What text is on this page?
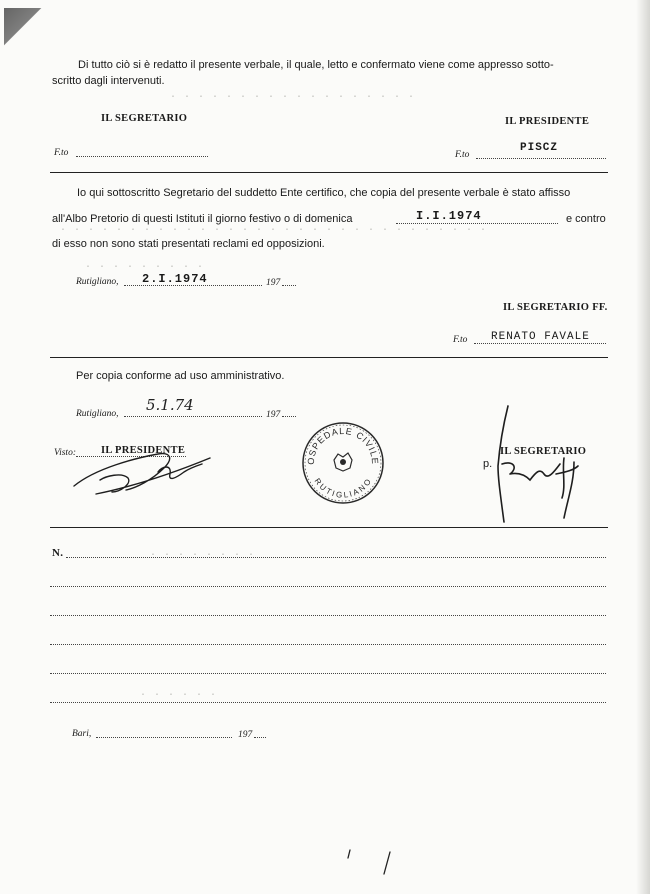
· · · · · · · · · · · · · · · · · ·
· · · · · · · · · · · · · · · · · · · · · · · · · · · · · · ·
· · · · · · · · ·
Di tutto ciò si è redatto il presente verbale, il quale, letto e confermato viene come appresso sotto-
scritto dagli intervenuti.
IL SEGRETARIO	IL PRESIDENTE
F.to	F.to
PISCZ
Io qui sottoscritto Segretario del suddetto Ente certifico, che copia del presente verbale è stato affisso
all'Albo Pretorio di questi Istituti il giorno festivo o di domenica	I.I.1974	e contro
di esso non sono stati presentati reclami ed opposizioni.
Rutigliano, 2.I.1974	197
IL SEGRETARIO FF.
F.to RENATO FAVALE
Per copia conforme ad uso amministrativo.
Rutigliano, 5.1.74
197
Visto: IL PRESIDENTE
OSPEDALE CIVILE
RUTIGLIANO
p.
IL SEGRETARIO
N.	· · · · · · · ·
· · · · · ·
Bari,	197
